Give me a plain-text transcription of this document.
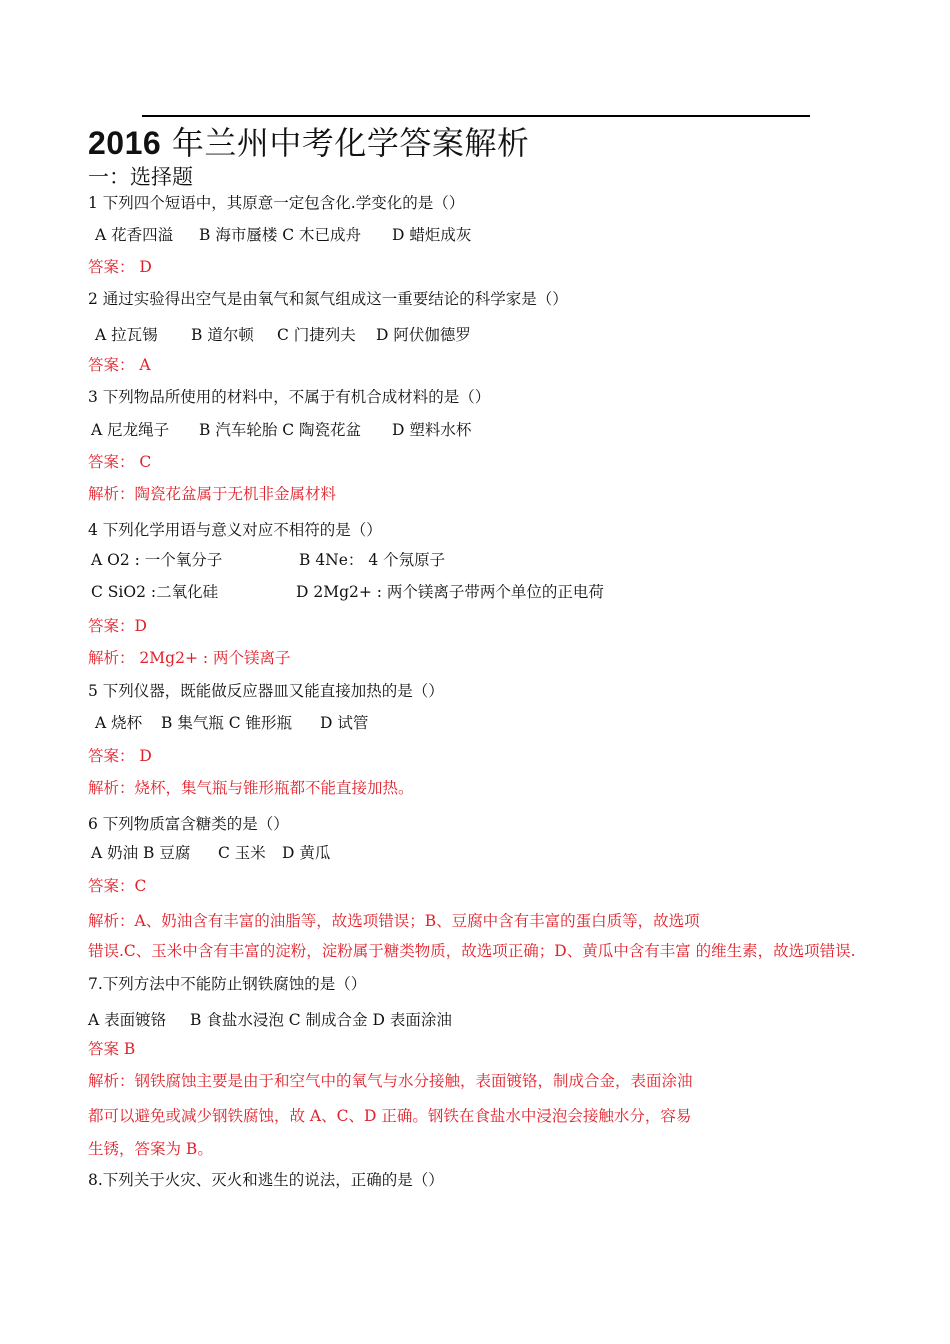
2016 年兰州中考化学答案解析
一：选择题
1 下列四个短语中，其原意一定包含化.学变化的是（）
A 花香四溢 B 海市蜃楼 C 木已成舟 D 蜡炬成灰
答案： D
2 通过实验得出空气是由氧气和氮气组成这一重要结论的科学家是（）
A 拉瓦锡 B 道尔顿 C 门捷列夫 D 阿伏伽德罗
答案： A
3 下列物品所使用的材料中，不属于有机合成材料的是（）
A 尼龙绳子 B 汽车轮胎 C 陶瓷花盆 D 塑料水杯
答案： C
解析：陶瓷花盆属于无机非金属材料
4 下列化学用语与意义对应不相符的是（）
A O2 : 一个氧分子	B 4Ne： 4 个氖原子
C SiO2 :二氧化硅	D 2Mg2+ : 两个镁离子带两个单位的正电荷
答案：D
解析： 2Mg2+ : 两个镁离子
5 下列仪器，既能做反应器皿又能直接加热的是（）
A 烧杯 B 集气瓶 C 锥形瓶 D 试管
答案： D
解析：烧杯，集气瓶与锥形瓶都不能直接加热。
6 下列物质富含糖类的是（）
A 奶油 B 豆腐 C 玉米 D 黄瓜
答案：C
解析：A、奶油含有丰富的油脂等，故选项错误；B、豆腐中含有丰富的蛋白质等，故选项
错误.C、玉米中含有丰富的淀粉，淀粉属于糖类物质，故选项正确；D、黄瓜中含有丰富 的维生素，故选项错误.
7.下列方法中不能防止钢铁腐蚀的是（）
A 表面镀铬 B 食盐水浸泡 C 制成合金 D 表面涂油
答案 B
解析：钢铁腐蚀主要是由于和空气中的氧气与水分接触，表面镀铬，制成合金，表面涂油
都可以避免或减少钢铁腐蚀，故 A、C、D 正确。钢铁在食盐水中浸泡会接触水分，容易
生锈，答案为 B。
8.下列关于火灾、灭火和逃生的说法，正确的是（）
